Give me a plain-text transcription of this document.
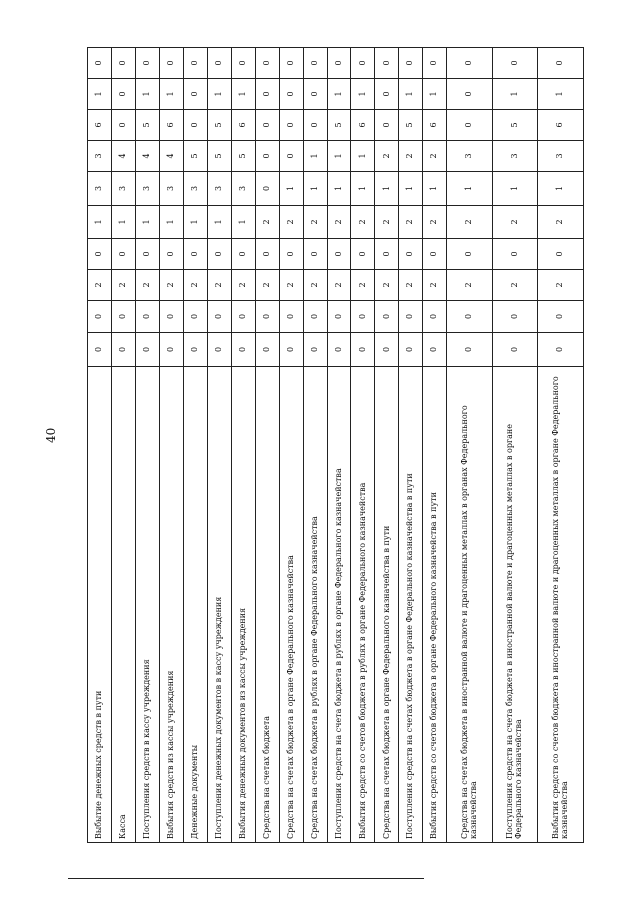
40
Выбытие денежных средств в пути	0	0	2	0	1	3	3	6	1	0
Касса	0	0	2	0	1	3	4	0	0	0
Поступления средств в кассу учреждения	0	0	2	0	1	3	4	5	1	0
Выбытия средств из кассы учреждения	0	0	2	0	1	3	4	6	1	0
Денежные документы	0	0	2	0	1	3	5	0	0	0
Поступления денежных документов в кассу учреждения	0	0	2	0	1	3	5	5	1	0
Выбытия денежных документов из кассы учреждения	0	0	2	0	1	3	5	6	1	0
Средства на счетах бюджета	0	0	2	0	2	0	0	0	0	0
Средства на счетах бюджета в органе Федерального казначейства	0	0	2	0	2	1	0	0	0	0
Средства на счетах бюджета в рублях в органе Федерального казначейства	0	0	2	0	2	1	1	0	0	0
Поступления средств на счета бюджета в рублях в органе Федерального казначейства	0	0	2	0	2	1	1	5	1	0
Выбытия средств со счетов бюджета в рублях в органе Федерального казначейства	0	0	2	0	2	1	1	6	1	0
Средства на счетах бюджета в органе Федерального казначейства в пути	0	0	2	0	2	1	2	0	0	0
Поступления средств на счетах бюджета в органе Федерального казначейства в пути	0	0	2	0	2	1	2	5	1	0
Выбытия средств со счетов бюджета в органе Федерального казначейства в пути	0	0	2	0	2	1	2	6	1	0
Средства на счетах бюджета в иностранной валюте и драгоценных металлах в органах Федерального казначейства	0	0	2	0	2	1	3	0	0	0
Поступления средств на счета бюджета в иностранной валюте и драгоценных металлах в органе Федерального казначейства	0	0	2	0	2	1	3	5	1	0
Выбытия средств со счетов бюджета в иностранной валюте и драгоценных металлах в органе Федерального казначейства	0	0	2	0	2	1	3	6	1	0
